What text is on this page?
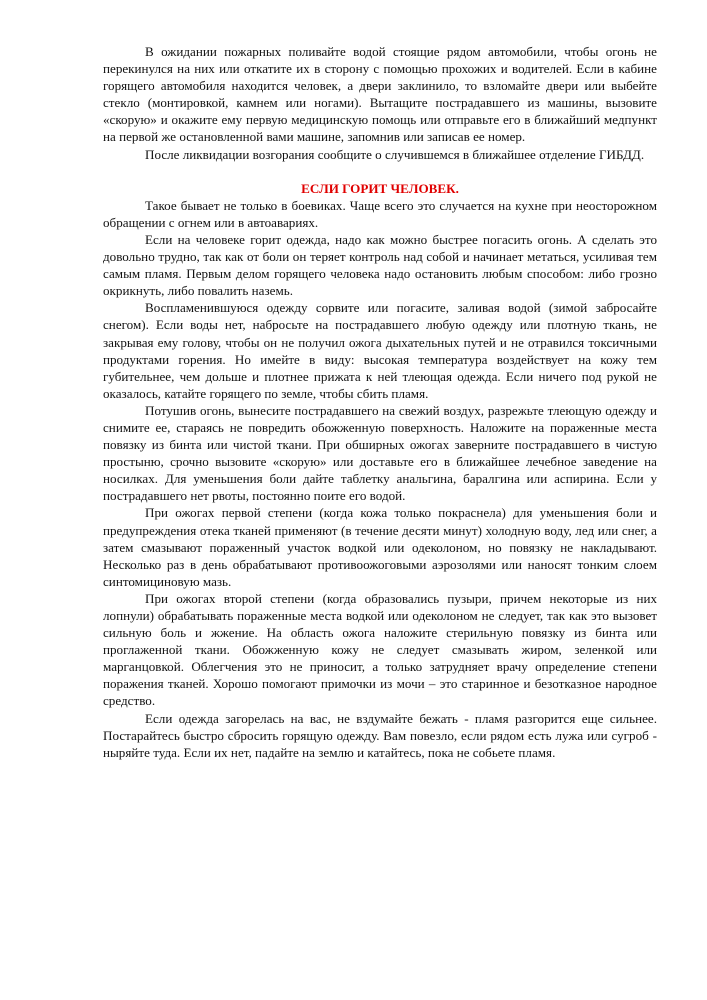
В ожидании пожарных поливайте водой стоящие рядом автомобили, чтобы огонь не перекинулся на них или откатите их в сторону с помощью прохожих и водителей. Если в кабине горящего автомобиля находится человек, а двери заклинило, то взломайте двери или выбейте стекло (монтировкой, камнем или ногами). Вытащите пострадавшего из машины, вызовите «скорую» и окажите ему первую медицинскую помощь или отправьте его в ближайший медпункт на первой же остановленной вами машине, запомнив или записав ее номер.

После ликвидации возгорания сообщите о случившемся в ближайшее отделение ГИБДД.

ЕСЛИ ГОРИТ ЧЕЛОВЕК.

Такое бывает не только в боевиках. Чаще всего это случается на кухне при неосторожном обращении с огнем или в автоавариях.

Если на человеке горит одежда, надо как можно быстрее погасить огонь. А сделать это довольно трудно, так как от боли он теряет контроль над собой и начинает метаться, усиливая тем самым пламя. Первым делом горящего человека надо остановить любым способом: либо грозно окрикнуть, либо повалить наземь.

Воспламенившуюся одежду сорвите или погасите, заливая водой (зимой забросайте снегом). Если воды нет, набросьте на пострадавшего любую одежду или плотную ткань, не закрывая ему голову, чтобы он не получил ожога дыхательных путей и не отравился токсичными продуктами горения. Но имейте в виду: высокая температура воздействует на кожу тем губительнее, чем дольше и плотнее прижата к ней тлеющая одежда. Если ничего под рукой не оказалось, катайте горящего по земле, чтобы сбить пламя.

Потушив огонь, вынесите пострадавшего на свежий воздух, разрежьте тлеющую одежду и снимите ее, стараясь не повредить обожженную поверхность. Наложите на пораженные места повязку из бинта или чистой ткани. При обширных ожогах заверните пострадавшего в чистую простыню, срочно вызовите «скорую» или доставьте его в ближайшее лечебное заведение на носилках. Для уменьшения боли дайте таблетку анальгина, баралгина или аспирина. Если у пострадавшего нет рвоты, постоянно поите его водой.

При ожогах первой степени (когда кожа только покраснела) для уменьшения боли и предупреждения отека тканей применяют (в течение десяти минут) холодную воду, лед или снег, а затем смазывают пораженный участок водкой или одеколоном, но повязку не накладывают. Несколько раз в день обрабатывают противоожоговыми аэрозолями или наносят тонким слоем синтомициновую мазь.

При ожогах второй степени (когда образовались пузыри, причем некоторые из них лопнули) обрабатывать пораженные места водкой или одеколоном не следует, так как это вызовет сильную боль и жжение. На область ожога наложите стерильную повязку из бинта или проглаженной ткани. Обожженную кожу не следует смазывать жиром, зеленкой или марганцовкой. Облегчения это не приносит, а только затрудняет врачу определение степени поражения тканей. Хорошо помогают примочки из мочи – это старинное и безотказное народное средство.

Если одежда загорелась на вас, не вздумайте бежать - пламя разгорится еще сильнее. Постарайтесь быстро сбросить горящую одежду. Вам повезло, если рядом есть лужа или сугроб - ныряйте туда. Если их нет, падайте на землю и катайтесь, пока не собьете пламя.
